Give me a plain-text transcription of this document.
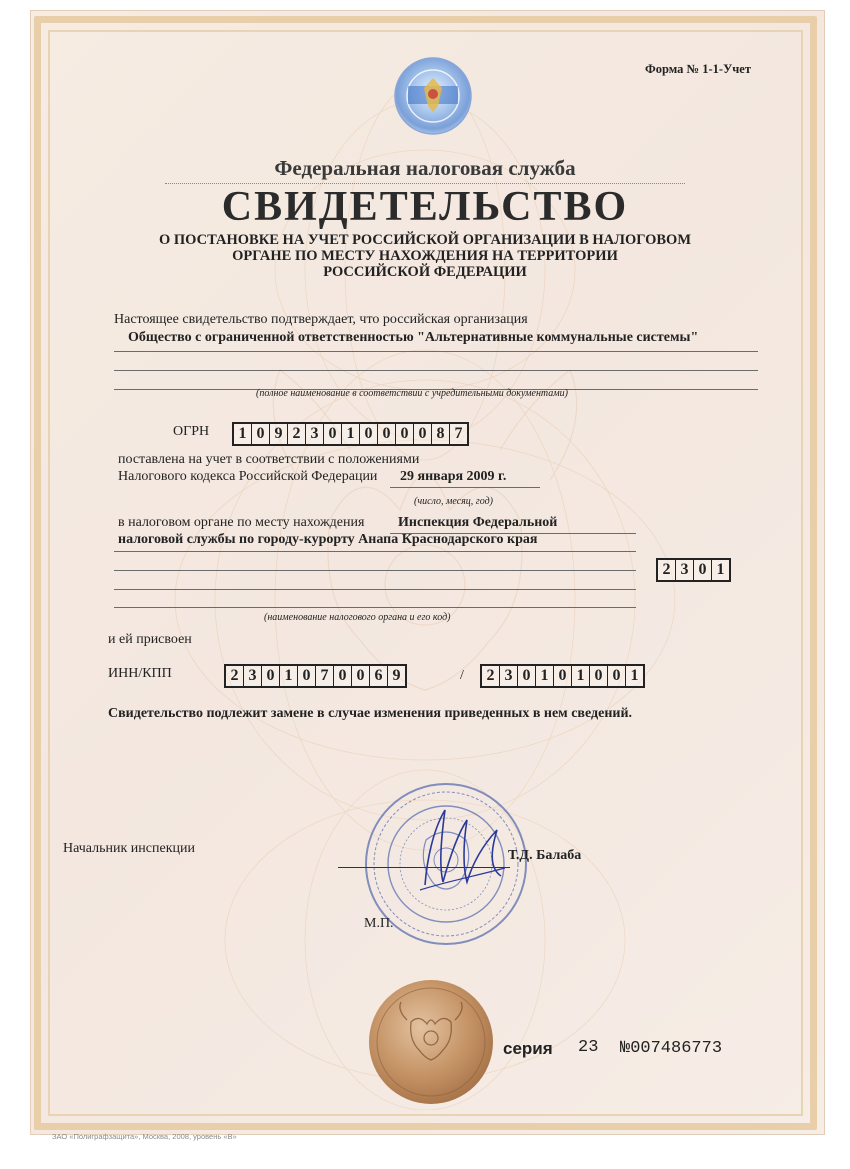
Форма № 1-1-Учет
Федеральная налоговая служба
СВИДЕТЕЛЬСТВО
О ПОСТАНОВКЕ НА УЧЕТ РОССИЙСКОЙ ОРГАНИЗАЦИИ В НАЛОГОВОМ
ОРГАНЕ ПО МЕСТУ НАХОЖДЕНИЯ НА ТЕРРИТОРИИ
РОССИЙСКОЙ ФЕДЕРАЦИИ
Настоящее свидетельство подтверждает, что российская организация
Общество с ограниченной ответственностью "Альтернативные коммунальные системы"
(полное наименование в соответствии с учредительными документами)
ОГРН 1 0 9 2 3 0 1 0 0 0 0 8 7
поставлена на учет в соответствии с положениями
Налогового кодекса Российской Федерации 29 января 2009 г.
(число, месяц, год)
в налоговом органе по месту нахождения Инспекция Федеральной
налоговой службы по городу-курорту Анапа Краснодарского края
2 3 0 1
(наименование налогового органа и его код)
и ей присвоен
ИНН/КПП	2 3 0 1 0 7 0 0 6 9	/ 2 3 0 1 0 1 0 0 1
Свидетельство подлежит замене в случае изменения приведенных в нем сведений.
Начальник инспекции	Т.Д. Балаба
М.П.
серия 23 №007486773
ЗАО «Полиграфзащита», Москва, 2008, уровень «В»
